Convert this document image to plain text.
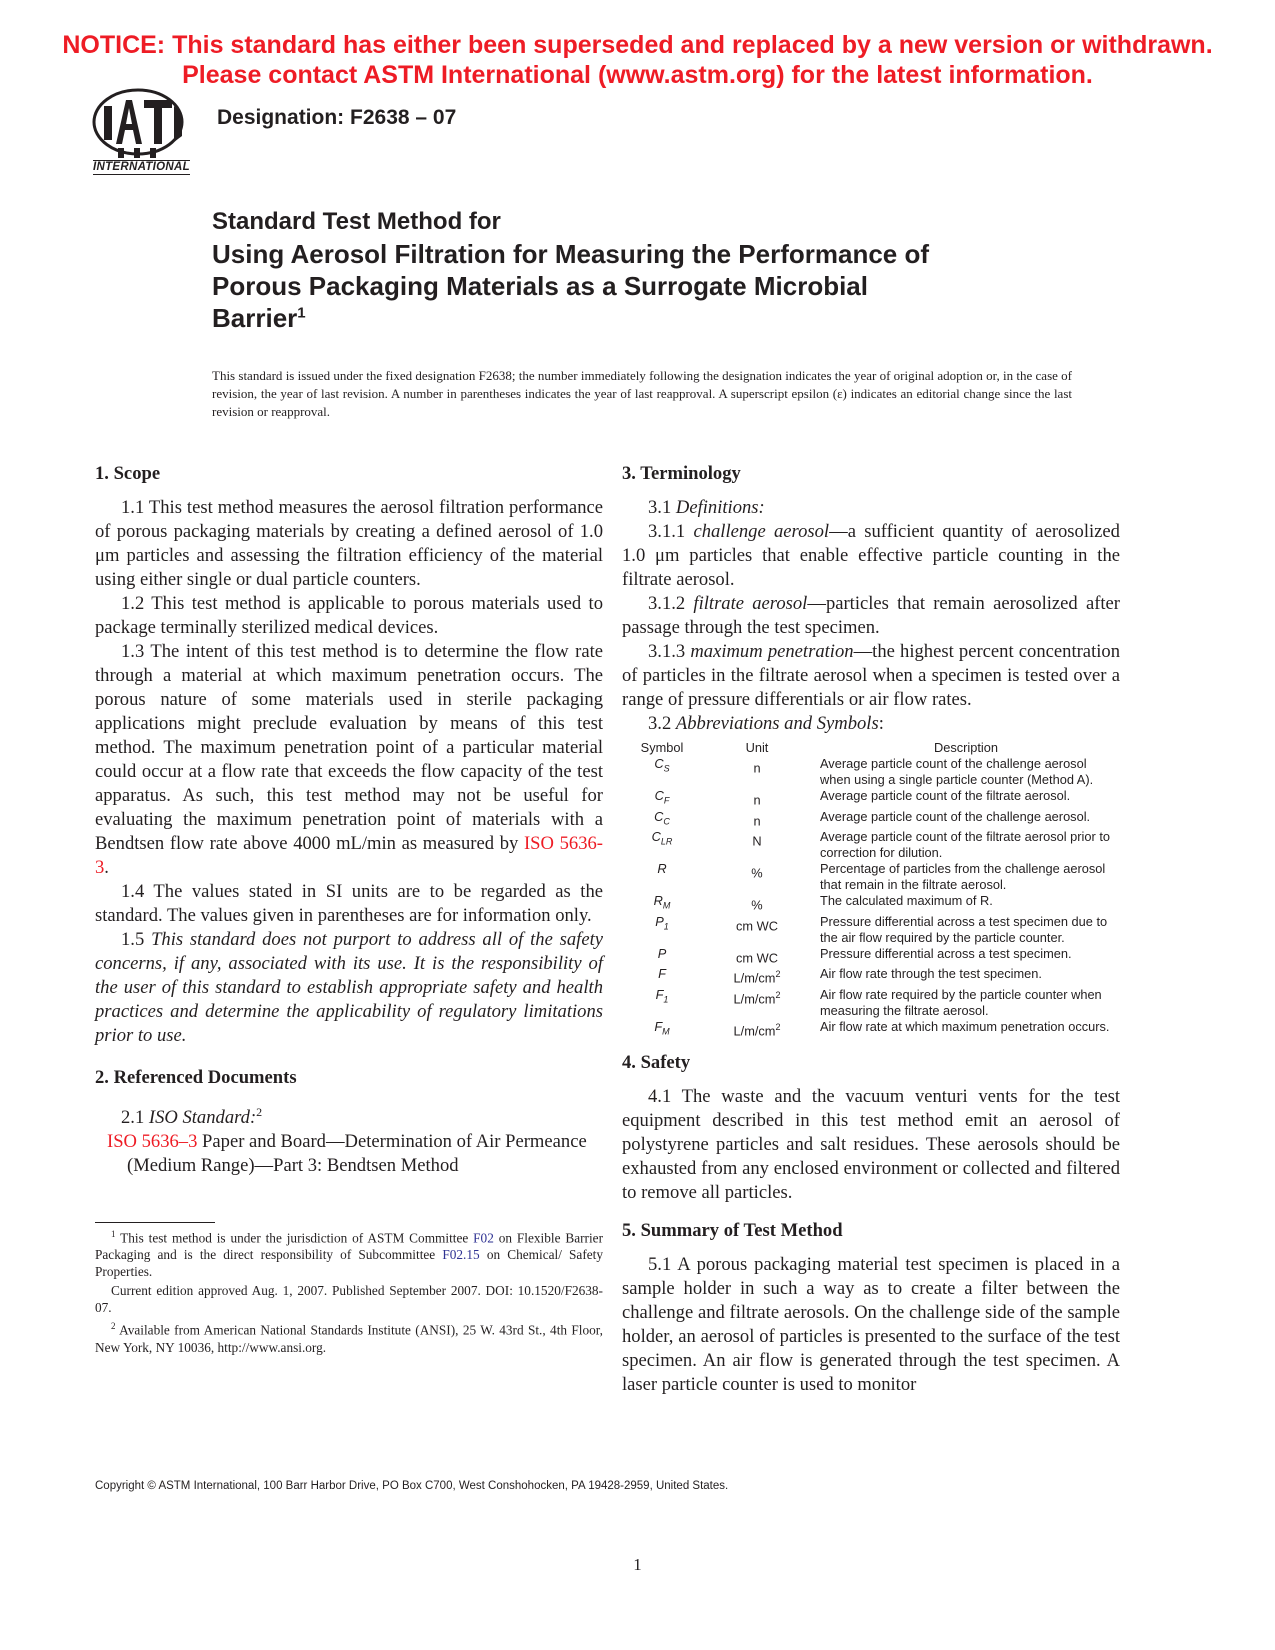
NOTICE: This standard has either been superseded and replaced by a new version or withdrawn.
Please contact ASTM International (www.astm.org) for the latest information.
INTERNATIONAL
Designation: F2638 – 07
Standard Test Method for
Using Aerosol Filtration for Measuring the Performance of
Porous Packaging Materials as a Surrogate Microbial
Barrier$^1$
This standard is issued under the fixed designation F2638; the number immediately following the designation indicates the year of original adoption or, in the case of revision, the year of last revision. A number in parentheses indicates the year of last reapproval. A superscript epsilon (ε) indicates an editorial change since the last revision or reapproval.
1. Scope

1.1 This test method measures the aerosol filtration performance of porous packaging materials by creating a defined aerosol of 1.0 μm particles and assessing the filtration efficiency of the material using either single or dual particle counters.

1.2 This test method is applicable to porous materials used to package terminally sterilized medical devices.

1.3 The intent of this test method is to determine the flow rate through a material at which maximum penetration occurs. The porous nature of some materials used in sterile packaging applications might preclude evaluation by means of this test method. The maximum penetration point of a particular material could occur at a flow rate that exceeds the flow capacity of the test apparatus. As such, this test method may not be useful for evaluating the maximum penetration point of materials with a Bendtsen flow rate above 4000 mL/min as measured by ISO 5636-3.

1.4 The values stated in SI units are to be regarded as the standard. The values given in parentheses are for information only.

1.5 This standard does not purport to address all of the safety concerns, if any, associated with its use. It is the responsibility of the user of this standard to establish appropriate safety and health practices and determine the applicability of regulatory limitations prior to use.

2. Referenced Documents

2.1 ISO Standard:$^2$

ISO 5636–3 Paper and Board—Determination of Air Permeance (Medium Range)—Part 3: Bendtsen Method

$^1$ This test method is under the jurisdiction of ASTM Committee F02 on Flexible Barrier Packaging and is the direct responsibility of Subcommittee F02.15 on Chemical/ Safety Properties.

Current edition approved Aug. 1, 2007. Published September 2007. DOI: 10.1520/F2638-07.

$^2$ Available from American National Standards Institute (ANSI), 25 W. 43rd St., 4th Floor, New York, NY 10036, http://www.ansi.org.

3. Terminology

3.1 Definitions:

3.1.1 challenge aerosol—a sufficient quantity of aerosolized 1.0 μm particles that enable effective particle counting in the filtrate aerosol.

3.1.2 filtrate aerosol—particles that remain aerosolized after passage through the test specimen.

3.1.3 maximum penetration—the highest percent concentration of particles in the filtrate aerosol when a specimen is tested over a range of pressure differentials or air flow rates.

3.2 Abbreviations and Symbols:

Symbol	Unit	Description
$C_S$	n	Average particle count of the challenge aerosol when using a single particle counter (Method A).
$C_F$	n	Average particle count of the filtrate aerosol.
$C_C$	n	Average particle count of the challenge aerosol.
$C_{LR}$	N	Average particle count of the filtrate aerosol prior to correction for dilution.
R	%	Percentage of particles from the challenge aerosol that remain in the filtrate aerosol.
$R_M$	%	The calculated maximum of R.
$P_1$	cm WC	Pressure differential across a test specimen due to the air flow required by the particle counter.
P	cm WC	Pressure differential across a test specimen.
F	$L/m/cm^2$	Air flow rate through the test specimen.
$F_1$	$L/m/cm^2$	Air flow rate required by the particle counter when measuring the filtrate aerosol.
$F_M$	$L/m/cm^2$	Air flow rate at which maximum penetration occurs.
4. Safety

4.1 The waste and the vacuum venturi vents for the test equipment described in this test method emit an aerosol of polystyrene particles and salt residues. These aerosols should be exhausted from any enclosed environment or collected and filtered to remove all particles.

5. Summary of Test Method

5.1 A porous packaging material test specimen is placed in a sample holder in such a way as to create a filter between the challenge and filtrate aerosols. On the challenge side of the sample holder, an aerosol of particles is presented to the surface of the test specimen. An air flow is generated through the test specimen. A laser particle counter is used to monitor

Copyright © ASTM International, 100 Barr Harbor Drive, PO Box C700, West Conshohocken, PA 19428-2959, United States.
1
